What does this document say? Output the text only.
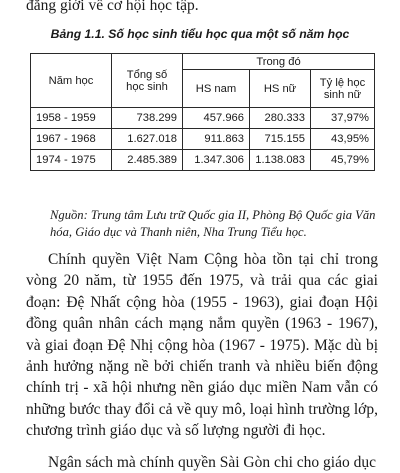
đẳng giới về cơ hội học tập.
Bảng 1.1. Số học sinh tiểu học qua một số năm học
Năm học	Tổng số học sinh	Trong đó		
		HS nam	HS nữ	Tỷ lệ học sinh nữ
1958 - 1959	738.299	457.966	280.333	37,97%
1967 - 1968	1.627.018	911.863	715.155	43,95%
1974 - 1975	2.485.389	1.347.306	1.138.083	45,79%
Nguồn: Trung tâm Lưu trữ Quốc gia II, Phòng Bộ Quốc gia Văn hóa, Giáo dục và Thanh niên, Nha Trung Tiểu học.

Chính quyền Việt Nam Cộng hòa tồn tại chỉ trong vòng 20 năm, từ 1955 đến 1975, và trải qua các giai đoạn: Đệ Nhất cộng hòa (1955 - 1963), giai đoạn Hội đồng quân nhân cách mạng nắm quyền (1963 - 1967), và giai đoạn Đệ Nhị cộng hòa (1967 - 1975). Mặc dù bị ảnh hưởng nặng nề bởi chiến tranh và nhiều biến động chính trị - xã hội nhưng nền giáo dục miền Nam vẫn có những bước thay đổi cả về quy mô, loại hình trường lớp, chương trình giáo dục và số lượng người đi học.

Ngân sách mà chính quyền Sài Gòn chi cho giáo dục
